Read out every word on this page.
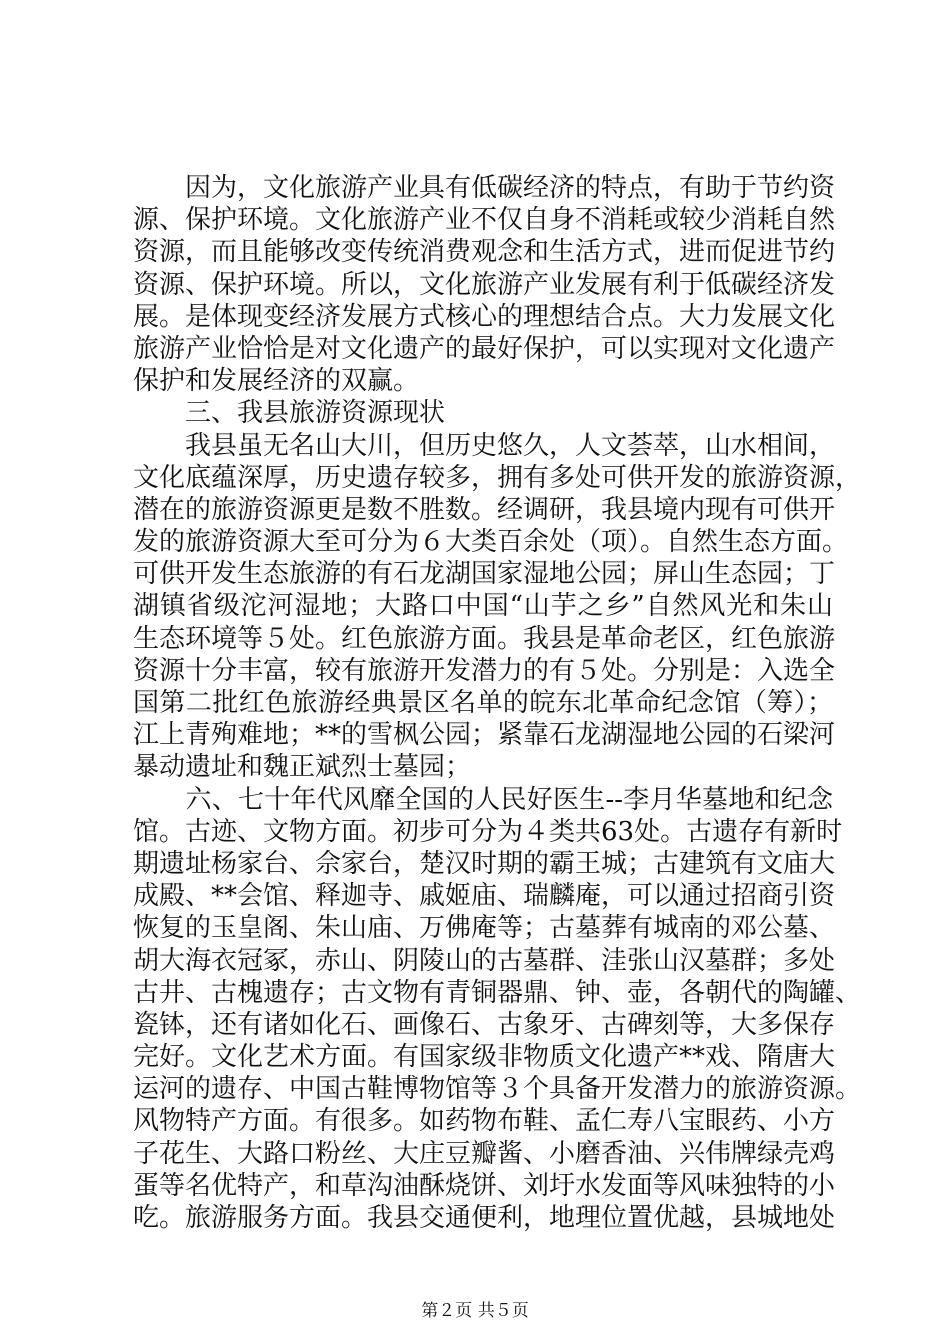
　　因为，文化旅游产业具有低碳经济的特点，有助于节约资
源、保护环境。文化旅游产业不仅自身不消耗或较少消耗自然
资源，而且能够改变传统消费观念和生活方式，进而促进节约
资源、保护环境。所以，文化旅游产业发展有利于低碳经济发
展。是体现变经济发展方式核心的理想结合点。大力发展文化
旅游产业恰恰是对文化遗产的最好保护，可以实现对文化遗产
保护和发展经济的双赢。
　　三、我县旅游资源现状
　　我县虽无名山大川，但历史悠久，人文荟萃，山水相间，
文化底蕴深厚，历史遗存较多，拥有多处可供开发的旅游资源，
潜在的旅游资源更是数不胜数。经调研，我县境内现有可供开
发的旅游资源大至可分为６大类百余处（项）。自然生态方面。
可供开发生态旅游的有石龙湖国家湿地公园；屏山生态园；丁
湖镇省级沱河湿地；大路口中国“山芋之乡”自然风光和朱山
生态环境等５处。红色旅游方面。我县是革命老区，红色旅游
资源十分丰富，较有旅游开发潜力的有５处。分别是：入选全
国第二批红色旅游经典景区名单的皖东北革命纪念馆（筹）；
江上青殉难地；**的雪枫公园；紧靠石龙湖湿地公园的石梁河
暴动遗址和魏正斌烈士墓园；
　　六、七十年代风靡全国的人民好医生--李月华墓地和纪念
馆。古迹、文物方面。初步可分为４类共63处。古遗存有新时
期遗址杨家台、佘家台，楚汉时期的霸王城；古建筑有文庙大
成殿、**会馆、释迦寺、戚姬庙、瑞麟庵，可以通过招商引资
恢复的玉皇阁、朱山庙、万佛庵等；古墓葬有城南的邓公墓、
胡大海衣冠冢，赤山、阴陵山的古墓群、洼张山汉墓群；多处
古井、古槐遗存；古文物有青铜器鼎、钟、壶，各朝代的陶罐、
瓷钵，还有诸如化石、画像石、古象牙、古碑刻等，大多保存
完好。文化艺术方面。有国家级非物质文化遗产**戏、隋唐大
运河的遗存、中国古鞋博物馆等３个具备开发潜力的旅游资源。
风物特产方面。有很多。如药物布鞋、孟仁寿八宝眼药、小方
子花生、大路口粉丝、大庄豆瓣酱、小磨香油、兴伟牌绿壳鸡
蛋等名优特产，和草沟油酥烧饼、刘圩水发面等风味独特的小
吃。旅游服务方面。我县交通便利，地理位置优越，县城地处
第２页 共５页
